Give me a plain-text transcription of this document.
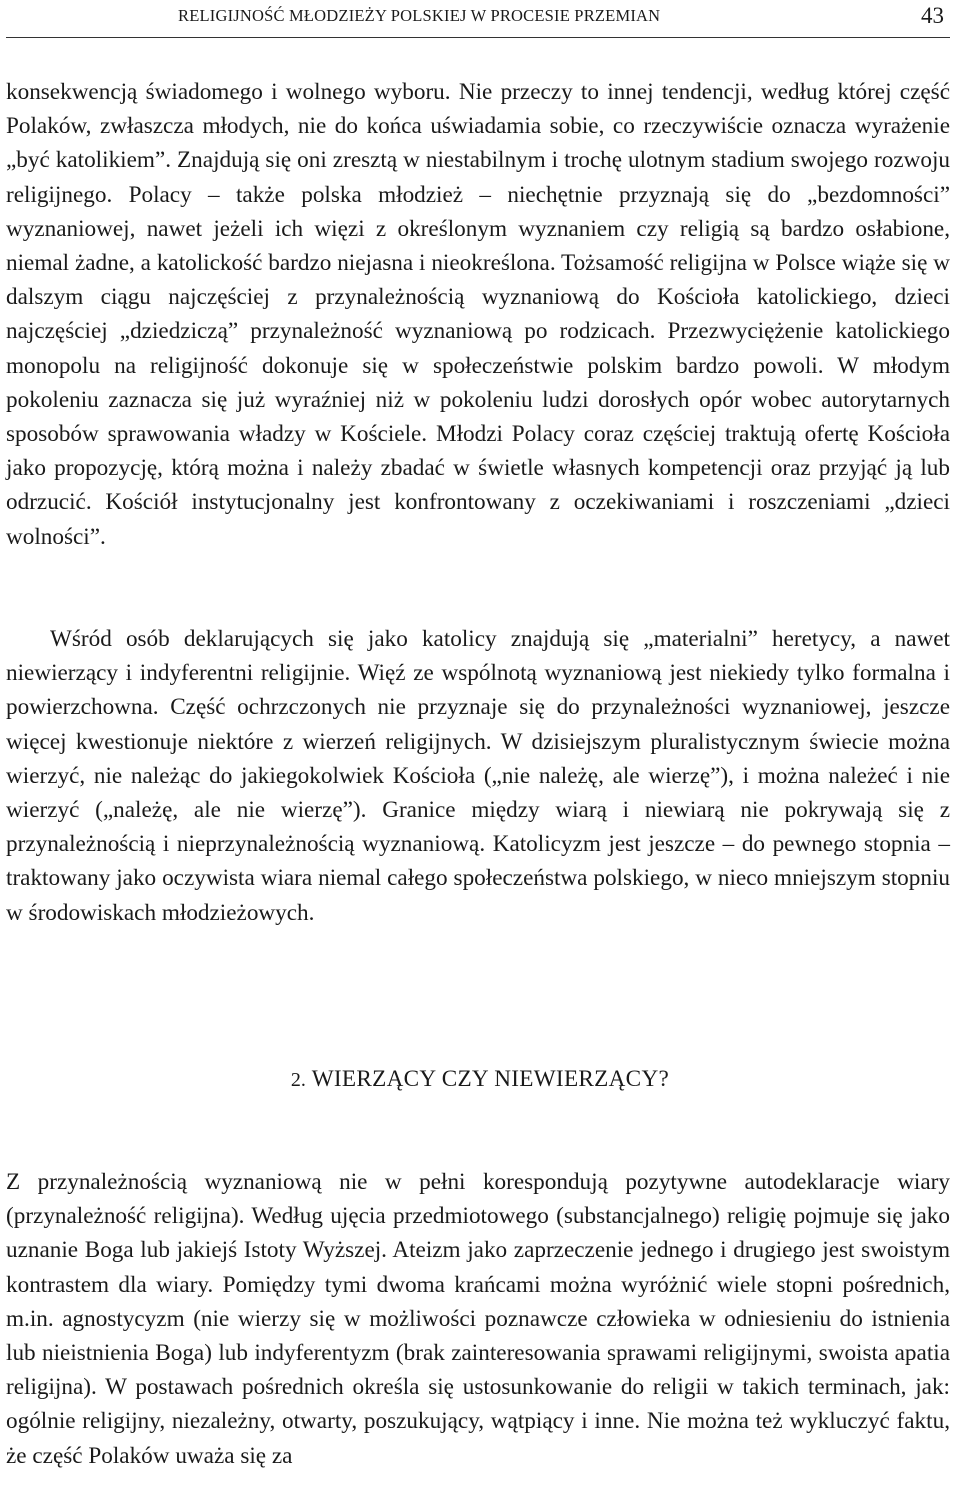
RELIGIJNOŚĆ MŁODZIEŻY POLSKIEJ W PROCESIE PRZEMIAN	43

konsekwencją świadomego i wolnego wyboru. Nie przeczy to innej tendencji, według której część Polaków, zwłaszcza młodych, nie do końca uświadamia sobie, co rzeczywiście oznacza wyrażenie „być katolikiem”. Znajdują się oni zresztą w niestabilnym i trochę ulotnym stadium swojego rozwoju religijnego. Polacy – także polska młodzież – niechętnie przyznają się do „bezdomności” wyznaniowej, nawet jeżeli ich więzi z określonym wyznaniem czy religią są bardzo osłabione, niemal żadne, a katolickość bardzo niejasna i nieokreślona. Tożsamość religijna w Polsce wiąże się w dalszym ciągu najczęściej z przynależnością wyznaniową do Kościoła katolickiego, dzieci najczęściej „dziedziczą” przynależność wyznaniową po rodzicach. Przezwyciężenie katolickiego monopolu na religijność dokonuje się w społeczeństwie polskim bardzo powoli. W młodym pokoleniu zaznacza się już wyraźniej niż w pokoleniu ludzi dorosłych opór wobec autorytarnych sposobów sprawowania władzy w Kościele. Młodzi Polacy coraz częściej traktują ofertę Kościoła jako propozycję, którą można i należy zbadać w świetle własnych kompetencji oraz przyjąć ją lub odrzucić. Kościół instytucjonalny jest konfrontowany z oczekiwaniami i roszczeniami „dzieci wolności”.

Wśród osób deklarujących się jako katolicy znajdują się „materialni” heretycy, a nawet niewierzący i indyferentni religijnie. Więź ze wspólnotą wyznaniową jest niekiedy tylko formalna i powierzchowna. Część ochrzczonych nie przyznaje się do przynależności wyznaniowej, jeszcze więcej kwestionuje niektóre z wierzeń religijnych. W dzisiejszym pluralistycznym świecie można wierzyć, nie należąc do jakiegokolwiek Kościoła („nie należę, ale wierzę”), i można należeć i nie wierzyć („należę, ale nie wierzę”). Granice między wiarą i niewiarą nie pokrywają się z przynależnością i nieprzynależnością wyznaniową. Katolicyzm jest jeszcze – do pewnego stopnia – traktowany jako oczywista wiara niemal całego społeczeństwa polskiego, w nieco mniejszym stopniu w środowiskach młodzieżowych.

2. WIERZĄCY CZY NIEWIERZĄCY?

Z przynależnością wyznaniową nie w pełni korespondują pozytywne autodeklaracje wiary (przynależność religijna). Według ujęcia przedmiotowego (substancjalnego) religię pojmuje się jako uznanie Boga lub jakiejś Istoty Wyższej. Ateizm jako zaprzeczenie jednego i drugiego jest swoistym kontrastem dla wiary. Pomiędzy tymi dwoma krańcami można wyróżnić wiele stopni pośrednich, m.in. agnostycyzm (nie wierzy się w możliwości poznawcze człowieka w odniesieniu do istnienia lub nieistnienia Boga) lub indyferentyzm (brak zainteresowania sprawami religijnymi, swoista apatia religijna). W postawach pośrednich określa się ustosunkowanie do religii w takich terminach, jak: ogólnie religijny, niezależny, otwarty, poszukujący, wątpiący i inne. Nie można też wykluczyć faktu, że część Polaków uważa się za
